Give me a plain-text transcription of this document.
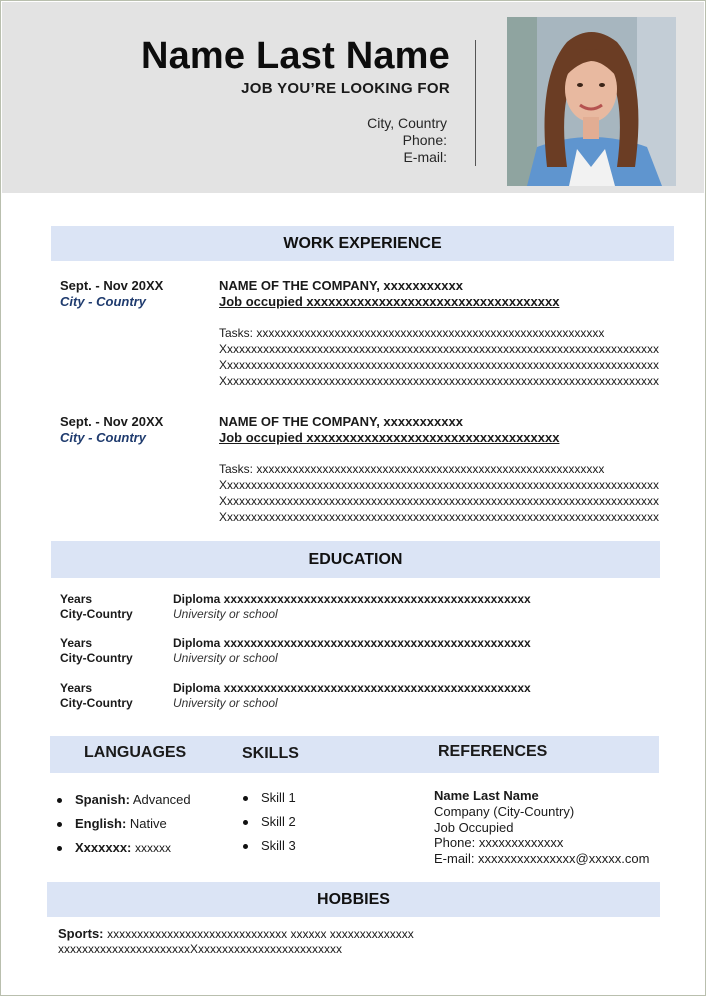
Name Last Name
JOB YOU’RE LOOKING FOR
City, Country
Phone:
E-mail:
WORK EXPERIENCE
Sept. - Nov 20XX
City - Country
NAME OF THE COMPANY, xxxxxxxxxxx
Job occupied xxxxxxxxxxxxxxxxxxxxxxxxxxxxxxxxxxx
Tasks: xxxxxxxxxxxxxxxxxxxxxxxxxxxxxxxxxxxxxxxxxxxxxxxxxxxxxxxxxx
Xxxxxxxxxxxxxxxxxxxxxxxxxxxxxxxxxxxxxxxxxxxxxxxxxxxxxxxxxxxxxxxxxxxxxxxxx
Xxxxxxxxxxxxxxxxxxxxxxxxxxxxxxxxxxxxxxxxxxxxxxxxxxxxxxxxxxxxxxxxxxxxxxxxx
Xxxxxxxxxxxxxxxxxxxxxxxxxxxxxxxxxxxxxxxxxxxxxxxxxxxxxxxxxxxxxxxxxxxxxxxxx
Sept. - Nov 20XX
City - Country
NAME OF THE COMPANY, xxxxxxxxxxx
Job occupied xxxxxxxxxxxxxxxxxxxxxxxxxxxxxxxxxxx
Tasks: xxxxxxxxxxxxxxxxxxxxxxxxxxxxxxxxxxxxxxxxxxxxxxxxxxxxxxxxxx
Xxxxxxxxxxxxxxxxxxxxxxxxxxxxxxxxxxxxxxxxxxxxxxxxxxxxxxxxxxxxxxxxxxxxxxxxx
Xxxxxxxxxxxxxxxxxxxxxxxxxxxxxxxxxxxxxxxxxxxxxxxxxxxxxxxxxxxxxxxxxxxxxxxxx
Xxxxxxxxxxxxxxxxxxxxxxxxxxxxxxxxxxxxxxxxxxxxxxxxxxxxxxxxxxxxxxxxxxxxxxxxx
EDUCATION
Years
City-Country
Diploma xxxxxxxxxxxxxxxxxxxxxxxxxxxxxxxxxxxxxxxxxxxxxx
University or school
Years
City-Country
Diploma xxxxxxxxxxxxxxxxxxxxxxxxxxxxxxxxxxxxxxxxxxxxxx
University or school
Years
City-Country
Diploma xxxxxxxxxxxxxxxxxxxxxxxxxxxxxxxxxxxxxxxxxxxxxx
University or school
LANGUAGES	SKILLS	REFERENCES
Spanish: Advanced
English: Native
Xxxxxxx: xxxxxx
Skill 1
Skill 2
Skill 3
Name Last Name
Company (City-Country)
Job Occupied
Phone: xxxxxxxxxxxxx
E-mail: xxxxxxxxxxxxxxx@xxxxx.com
HOBBIES
Sports: xxxxxxxxxxxxxxxxxxxxxxxxxxxxxx xxxxxx xxxxxxxxxxxxxx
xxxxxxxxxxxxxxxxxxxxxxXxxxxxxxxxxxxxxxxxxxxxxxx
